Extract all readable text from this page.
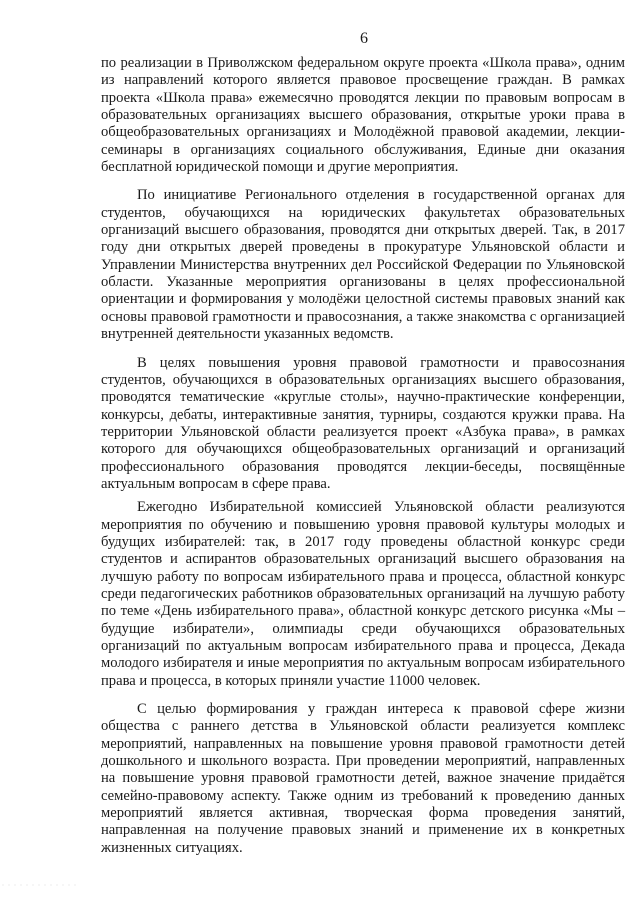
6

по реализации в Приволжском федеральном округе проекта «Школа права», одним из направлений которого является правовое просвещение граждан. В рамках проекта «Школа права» ежемесячно проводятся лекции по правовым вопросам в образовательных организациях высшего образования, открытые уроки права в общеобразовательных организациях и Молодёжной правовой академии, лекции-семинары в организациях социального обслуживания, Единые дни оказания бесплатной юридической помощи и другие мероприятия.

По инициативе Регионального отделения в государственной органах для студентов, обучающихся на юридических факультетах образовательных организаций высшего образования, проводятся дни открытых дверей. Так, в 2017 году дни открытых дверей проведены в прокуратуре Ульяновской области и Управлении Министерства внутренних дел Российской Федерации по Ульяновской области. Указанные мероприятия организованы в целях профессиональной ориентации и формирования у молодёжи целостной системы правовых знаний как основы правовой грамотности и правосознания, а также знакомства с организацией внутренней деятельности указанных ведомств.

В целях повышения уровня правовой грамотности и правосознания студентов, обучающихся в образовательных организациях высшего образования, проводятся тематические «круглые столы», научно-практические конференции, конкурсы, дебаты, интерактивные занятия, турниры, создаются кружки права. На территории Ульяновской области реализуется проект «Азбука права», в рамках которого для обучающихся общеобразовательных организаций и организаций профессионального образования проводятся лекции-беседы, посвящённые актуальным вопросам в сфере права.

Ежегодно Избирательной комиссией Ульяновской области реализуются мероприятия по обучению и повышению уровня правовой культуры молодых и будущих избирателей: так, в 2017 году проведены областной конкурс среди студентов и аспирантов образовательных организаций высшего образования на лучшую работу по вопросам избирательного права и процесса, областной конкурс среди педагогических работников образовательных организаций на лучшую работу по теме «День избирательного права», областной конкурс детского рисунка «Мы – будущие избиратели», олимпиады среди обучающихся образовательных организаций по актуальным вопросам избирательного права и процесса, Декада молодого избирателя и иные мероприятия по актуальным вопросам избирательного права и процесса, в которых приняли участие 11000 человек.

С целью формирования у граждан интереса к правовой сфере жизни общества с раннего детства в Ульяновской области реализуется комплекс мероприятий, направленных на повышение уровня правовой грамотности детей дошкольного и школьного возраста. При проведении мероприятий, направленных на повышение уровня правовой грамотности детей, важное значение придаётся семейно-правовому аспекту. Также одним из требований к проведению данных мероприятий является активная, творческая форма проведения занятий, направленная на получение правовых знаний и применение их в конкретных жизненных ситуациях.
